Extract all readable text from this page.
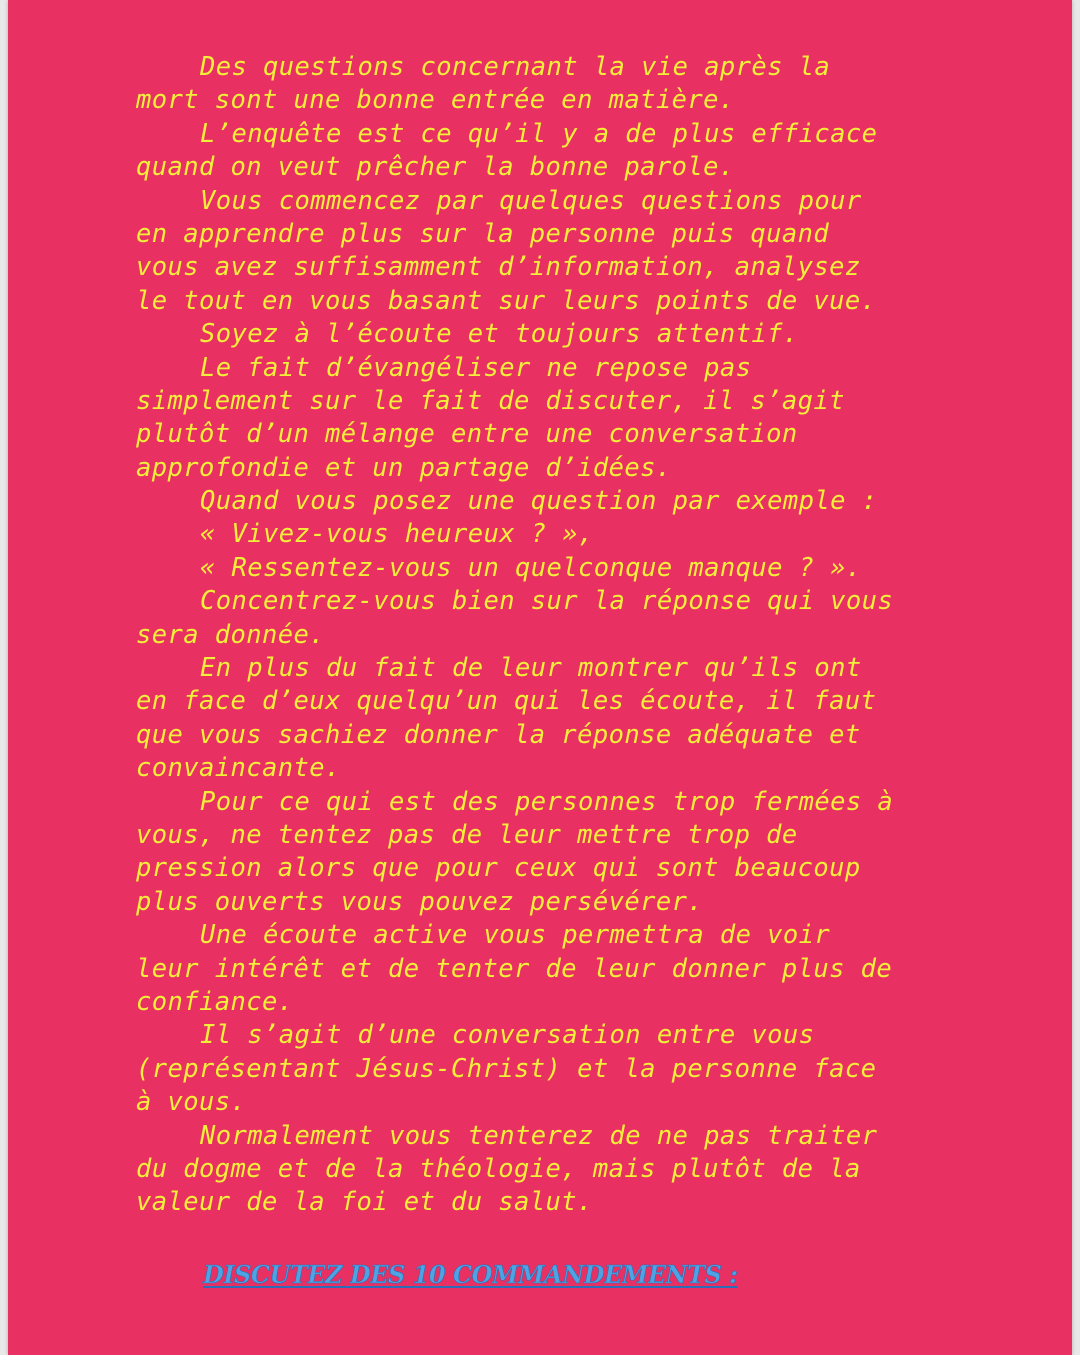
Des questions concernant la vie après la
mort sont une bonne entrée en matière.
L’enquête est ce qu’il y a de plus efficace
quand on veut prêcher la bonne parole.
Vous commencez par quelques questions pour
en apprendre plus sur la personne puis quand
vous avez suffisamment d’information, analysez
le tout en vous basant sur leurs points de vue.
Soyez à l’écoute et toujours attentif.
Le fait d’évangéliser ne repose pas
simplement sur le fait de discuter, il s’agit
plutôt d’un mélange entre une conversation
approfondie et un partage d’idées.
Quand vous posez une question par exemple :
« Vivez-vous heureux ? »,
« Ressentez-vous un quelconque manque ? ».
Concentrez-vous bien sur la réponse qui vous
sera donnée.
En plus du fait de leur montrer qu’ils ont
en face d’eux quelqu’un qui les écoute, il faut
que vous sachiez donner la réponse adéquate et
convaincante.
Pour ce qui est des personnes trop fermées à
vous, ne tentez pas de leur mettre trop de
pression alors que pour ceux qui sont beaucoup
plus ouverts vous pouvez persévérer.
Une écoute active vous permettra de voir
leur intérêt et de tenter de leur donner plus de
confiance.
Il s’agit d’une conversation entre vous
(représentant Jésus-Christ) et la personne face
à vous.
Normalement vous tenterez de ne pas traiter
du dogme et de la théologie, mais plutôt de la
valeur de la foi et du salut.
DISCUTEZ DES 10 COMMANDEMENTS :
